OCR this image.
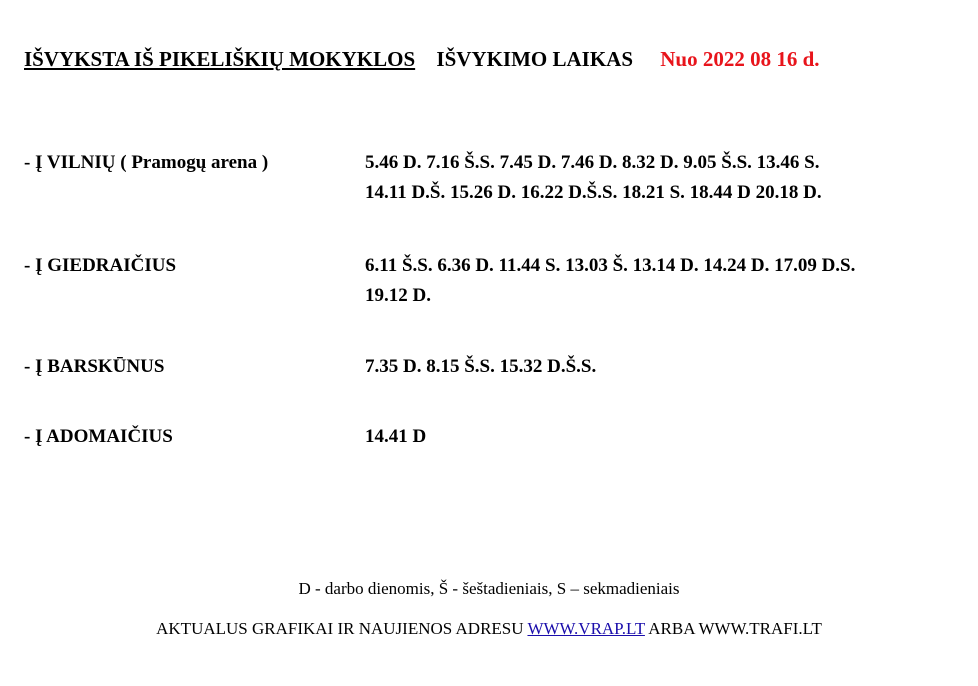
IŠVYKSTA IŠ PIKELIŠKIŲ MOKYKLOS IŠVYKIMO LAIKAS Nuo 2022 08 16 d.
- Į VILNIŲ ( Pramogų arena )	5.46 D. 7.16 Š.S. 7.45 D. 7.46 D. 8.32 D. 9.05 Š.S. 13.46 S.
14.11 D.Š. 15.26 D. 16.22 D.Š.S. 18.21 S. 18.44 D 20.18 D.
- Į GIEDRAIČIUS	6.11 Š.S. 6.36 D. 11.44 S. 13.03 Š. 13.14 D. 14.24 D. 17.09 D.S.
19.12 D.
- Į BARSKŪNUS	7.35 D. 8.15 Š.S. 15.32 D.Š.S.
- Į ADOMAIČIUS	14.41 D
D - darbo dienomis, Š - šeštadieniais, S – sekmadieniais
AKTUALUS GRAFIKAI IR NAUJIENOS ADRESU WWW.VRAP.LT ARBA WWW.TRAFI.LT
